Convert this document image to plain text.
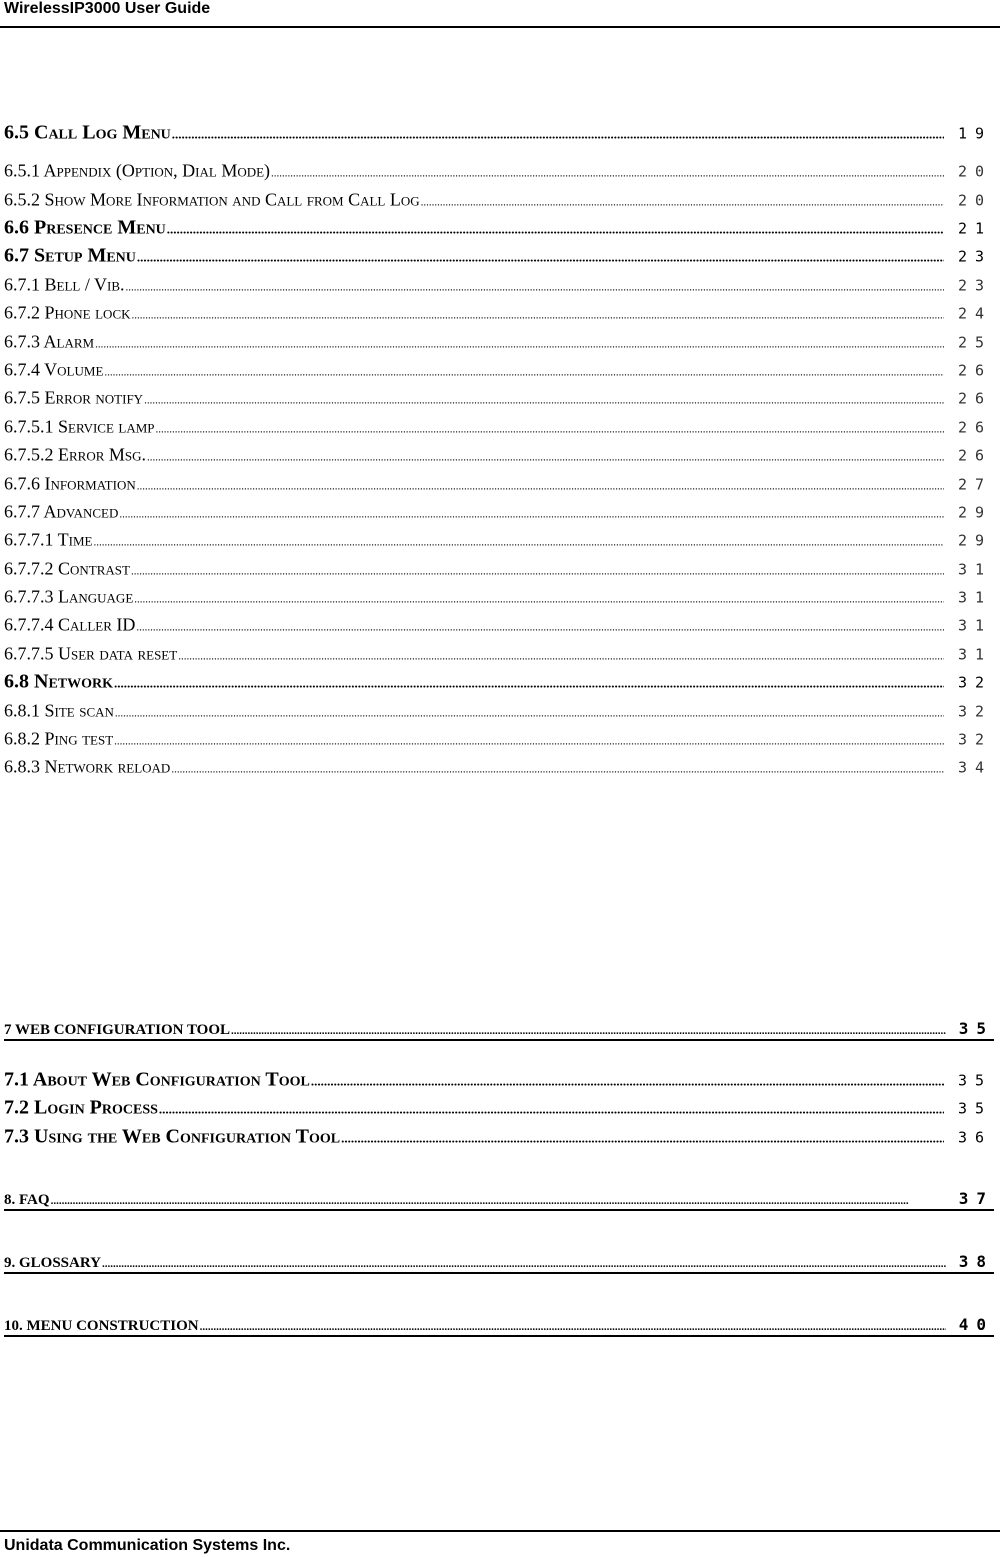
WirelessIP3000 User Guide
6.5 Call Log Menu .....	19
6.5.1 Appendix (Option, Dial Mode) .....	20
6.5.2 Show More Information and Call from Call Log .....	20
6.6 Presence Menu .....	21
6.7 Setup Menu .....	23
6.7.1 Bell / Vib. .....	23
6.7.2 Phone lock .....	24
6.7.3 Alarm .....	25
6.7.4 Volume .....	26
6.7.5 Error notify .....	26
6.7.5.1 Service lamp .....	26
6.7.5.2 Error Msg. .....	26
6.7.6 Information .....	27
6.7.7 Advanced .....	29
6.7.7.1 Time .....	29
6.7.7.2 Contrast .....	31
6.7.7.3 Language .....	31
6.7.7.4 Caller ID .....	31
6.7.7.5 User data reset .....	31
6.8 Network .....	32
6.8.1 Site scan .....	32
6.8.2 Ping test .....	32
6.8.3 Network reload .....	34
7 WEB CONFIGURATION TOOL .....	35
7.1 About Web Configuration Tool .....	35
7.2 Login Process .....	35
7.3 Using the Web Configuration Tool .....	36
8. FAQ .....	37
9. GLOSSARY .....	38
10. MENU CONSTRUCTION .....	40
Unidata Communication Systems Inc.
